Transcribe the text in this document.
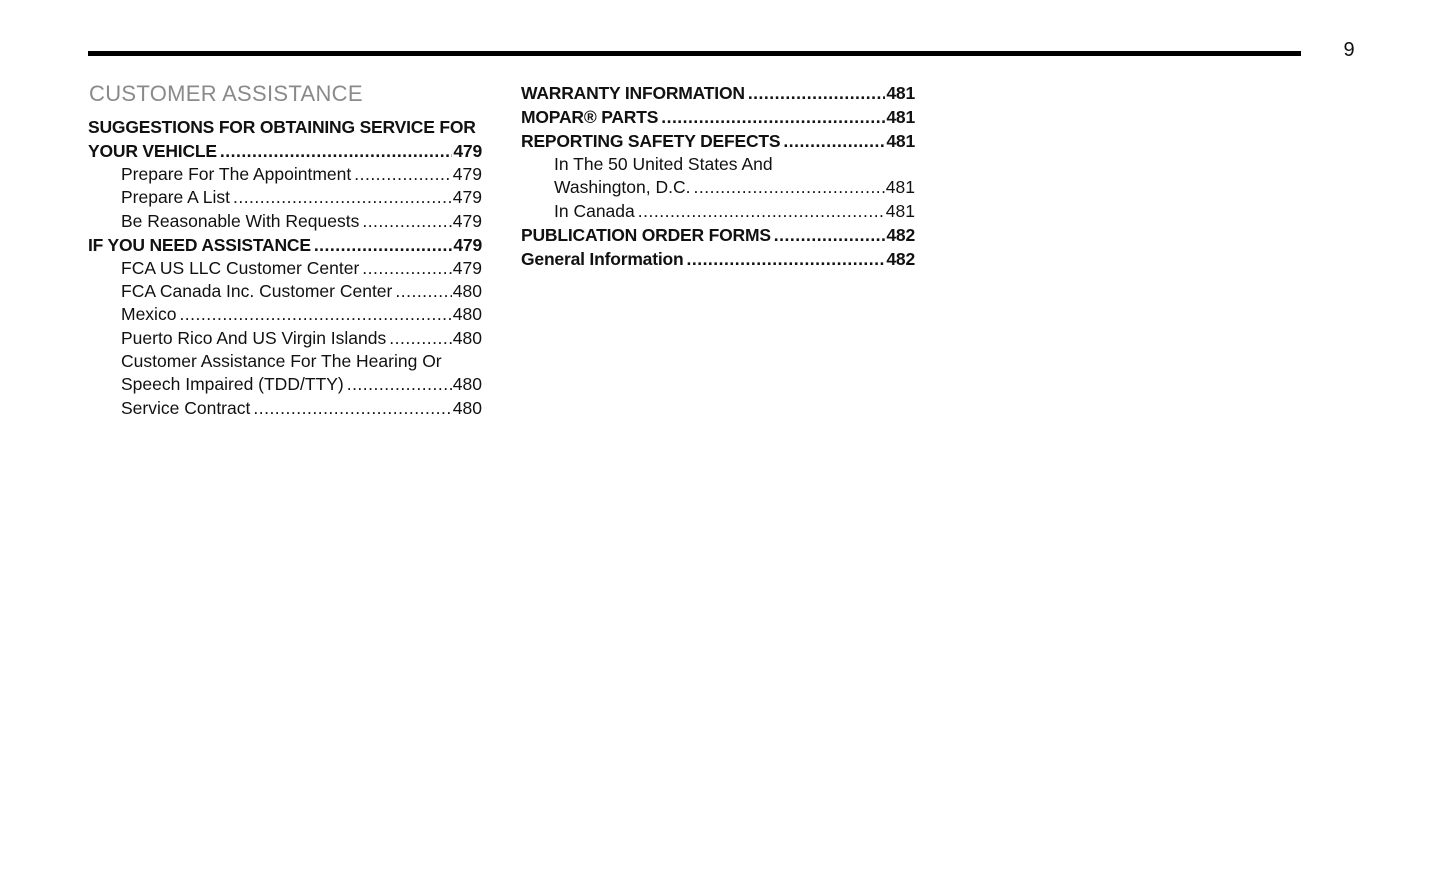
9
CUSTOMER ASSISTANCE
SUGGESTIONS FOR OBTAINING SERVICE FOR
YOUR VEHICLE .....	479
Prepare For The Appointment .....	479
Prepare A List .....	479
Be Reasonable With Requests .....	479
IF YOU NEED ASSISTANCE .....	479
FCA US LLC Customer Center .....	479
FCA Canada Inc. Customer Center .....	480
Mexico .....	480
Puerto Rico And US Virgin Islands .....	480
Customer Assistance For The Hearing Or
Speech Impaired (TDD/TTY) .....	480
Service Contract .....	480
WARRANTY INFORMATION .....	481
MOPAR® PARTS .....	481
REPORTING SAFETY DEFECTS .....	481
In The 50 United States And
Washington, D.C. .....	481
In Canada .....	481
PUBLICATION ORDER FORMS .....	482
General Information .....	482
